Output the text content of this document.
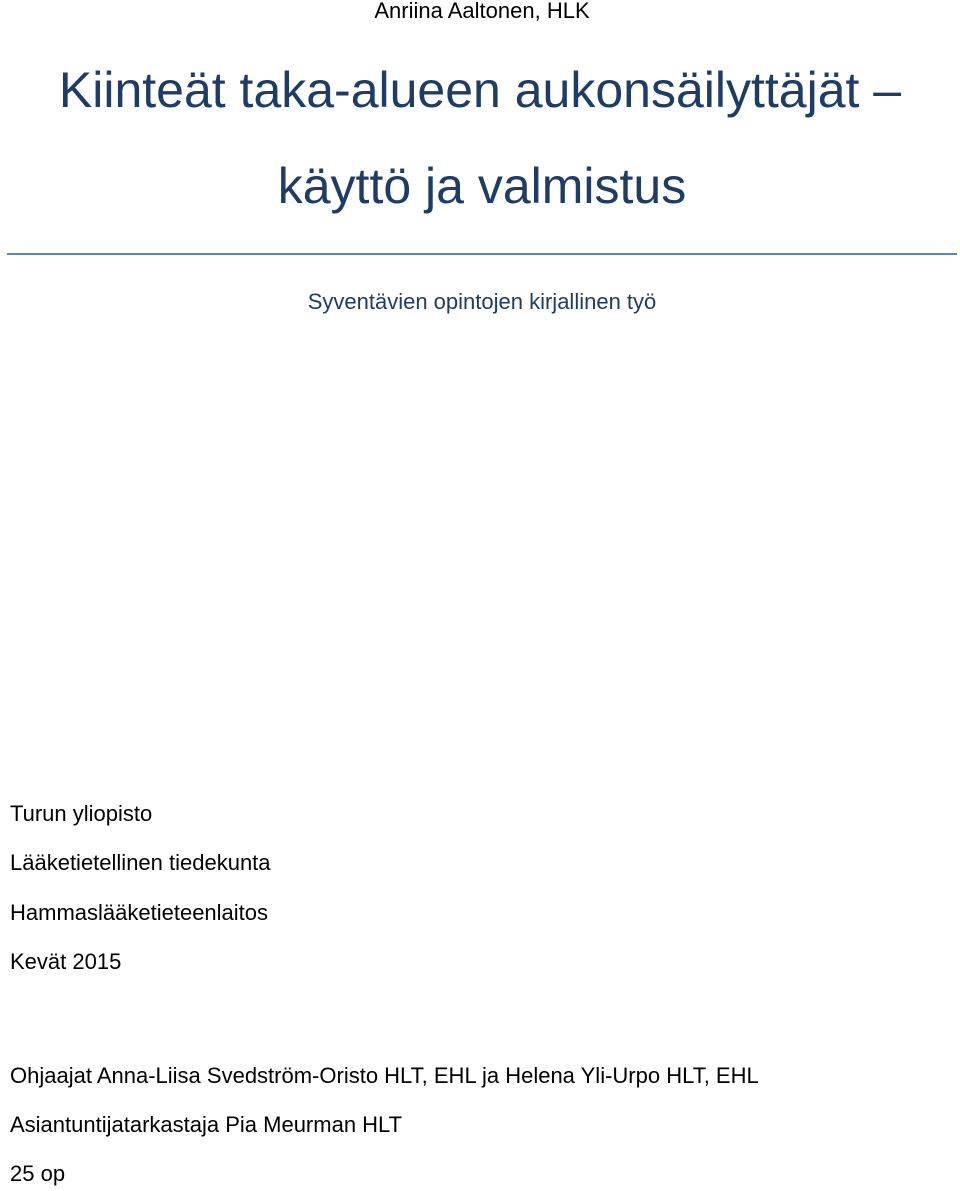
Anriina Aaltonen, HLK
Kiinteät taka-alueen aukonsäilyttäjät –
käyttö ja valmistus
Syventävien opintojen kirjallinen työ
Turun yliopisto
Lääketietellinen tiedekunta
Hammaslääketieteenlaitos
Kevät 2015
Ohjaajat Anna-Liisa Svedström-Oristo HLT, EHL ja Helena Yli-Urpo HLT, EHL
Asiantuntijatarkastaja Pia Meurman HLT
25 op
